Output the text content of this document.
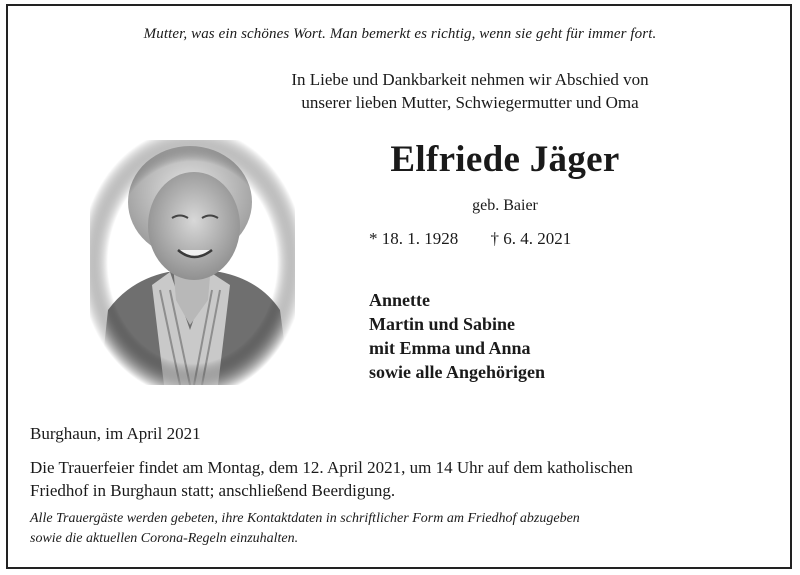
Mutter, was ein schönes Wort. Man bemerkt es richtig, wenn sie geht für immer fort.
In Liebe und Dankbarkeit nehmen wir Abschied von
unserer lieben Mutter, Schwiegermutter und Oma
Elfriede Jäger
geb. Baier
* 18. 1. 1928 † 6. 4. 2021
Annette
Martin und Sabine
mit Emma und Anna
sowie alle Angehörigen
Burghaun, im April 2021
Die Trauerfeier findet am Montag, dem 12. April 2021, um 14 Uhr auf dem katholischen
Friedhof in Burghaun statt; anschließend Beerdigung.
Alle Trauergäste werden gebeten, ihre Kontaktdaten in schriftlicher Form am Friedhof abzugeben
sowie die aktuellen Corona-Regeln einzuhalten.
